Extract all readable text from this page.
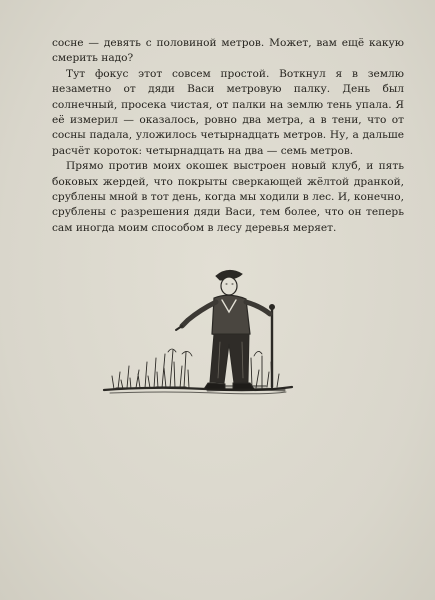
сосне — девять с половиной метров. Может, вам ещё какую смерить надо?

Тут фокус этот совсем простой. Воткнул я в землю незаметно от дяди Васи метровую палку. День был солнечный, просека чистая, от палки на землю тень упала. Я её измерил — оказалось, ровно два метра, а в тени, что от сосны падала, уложилось четырнадцать метров. Ну, а дальше расчёт короток: четырнадцать на два — семь метров.

Прямо против моих окошек выстроен новый клуб, и пять боковых жердей, что покрыты сверкающей жёлтой дранкой, срублены мной в тот день, когда мы ходили в лес. И, конечно, срублены с разрешения дяди Васи, тем более, что он теперь сам иногда моим способом в лесу деревья меряет.
